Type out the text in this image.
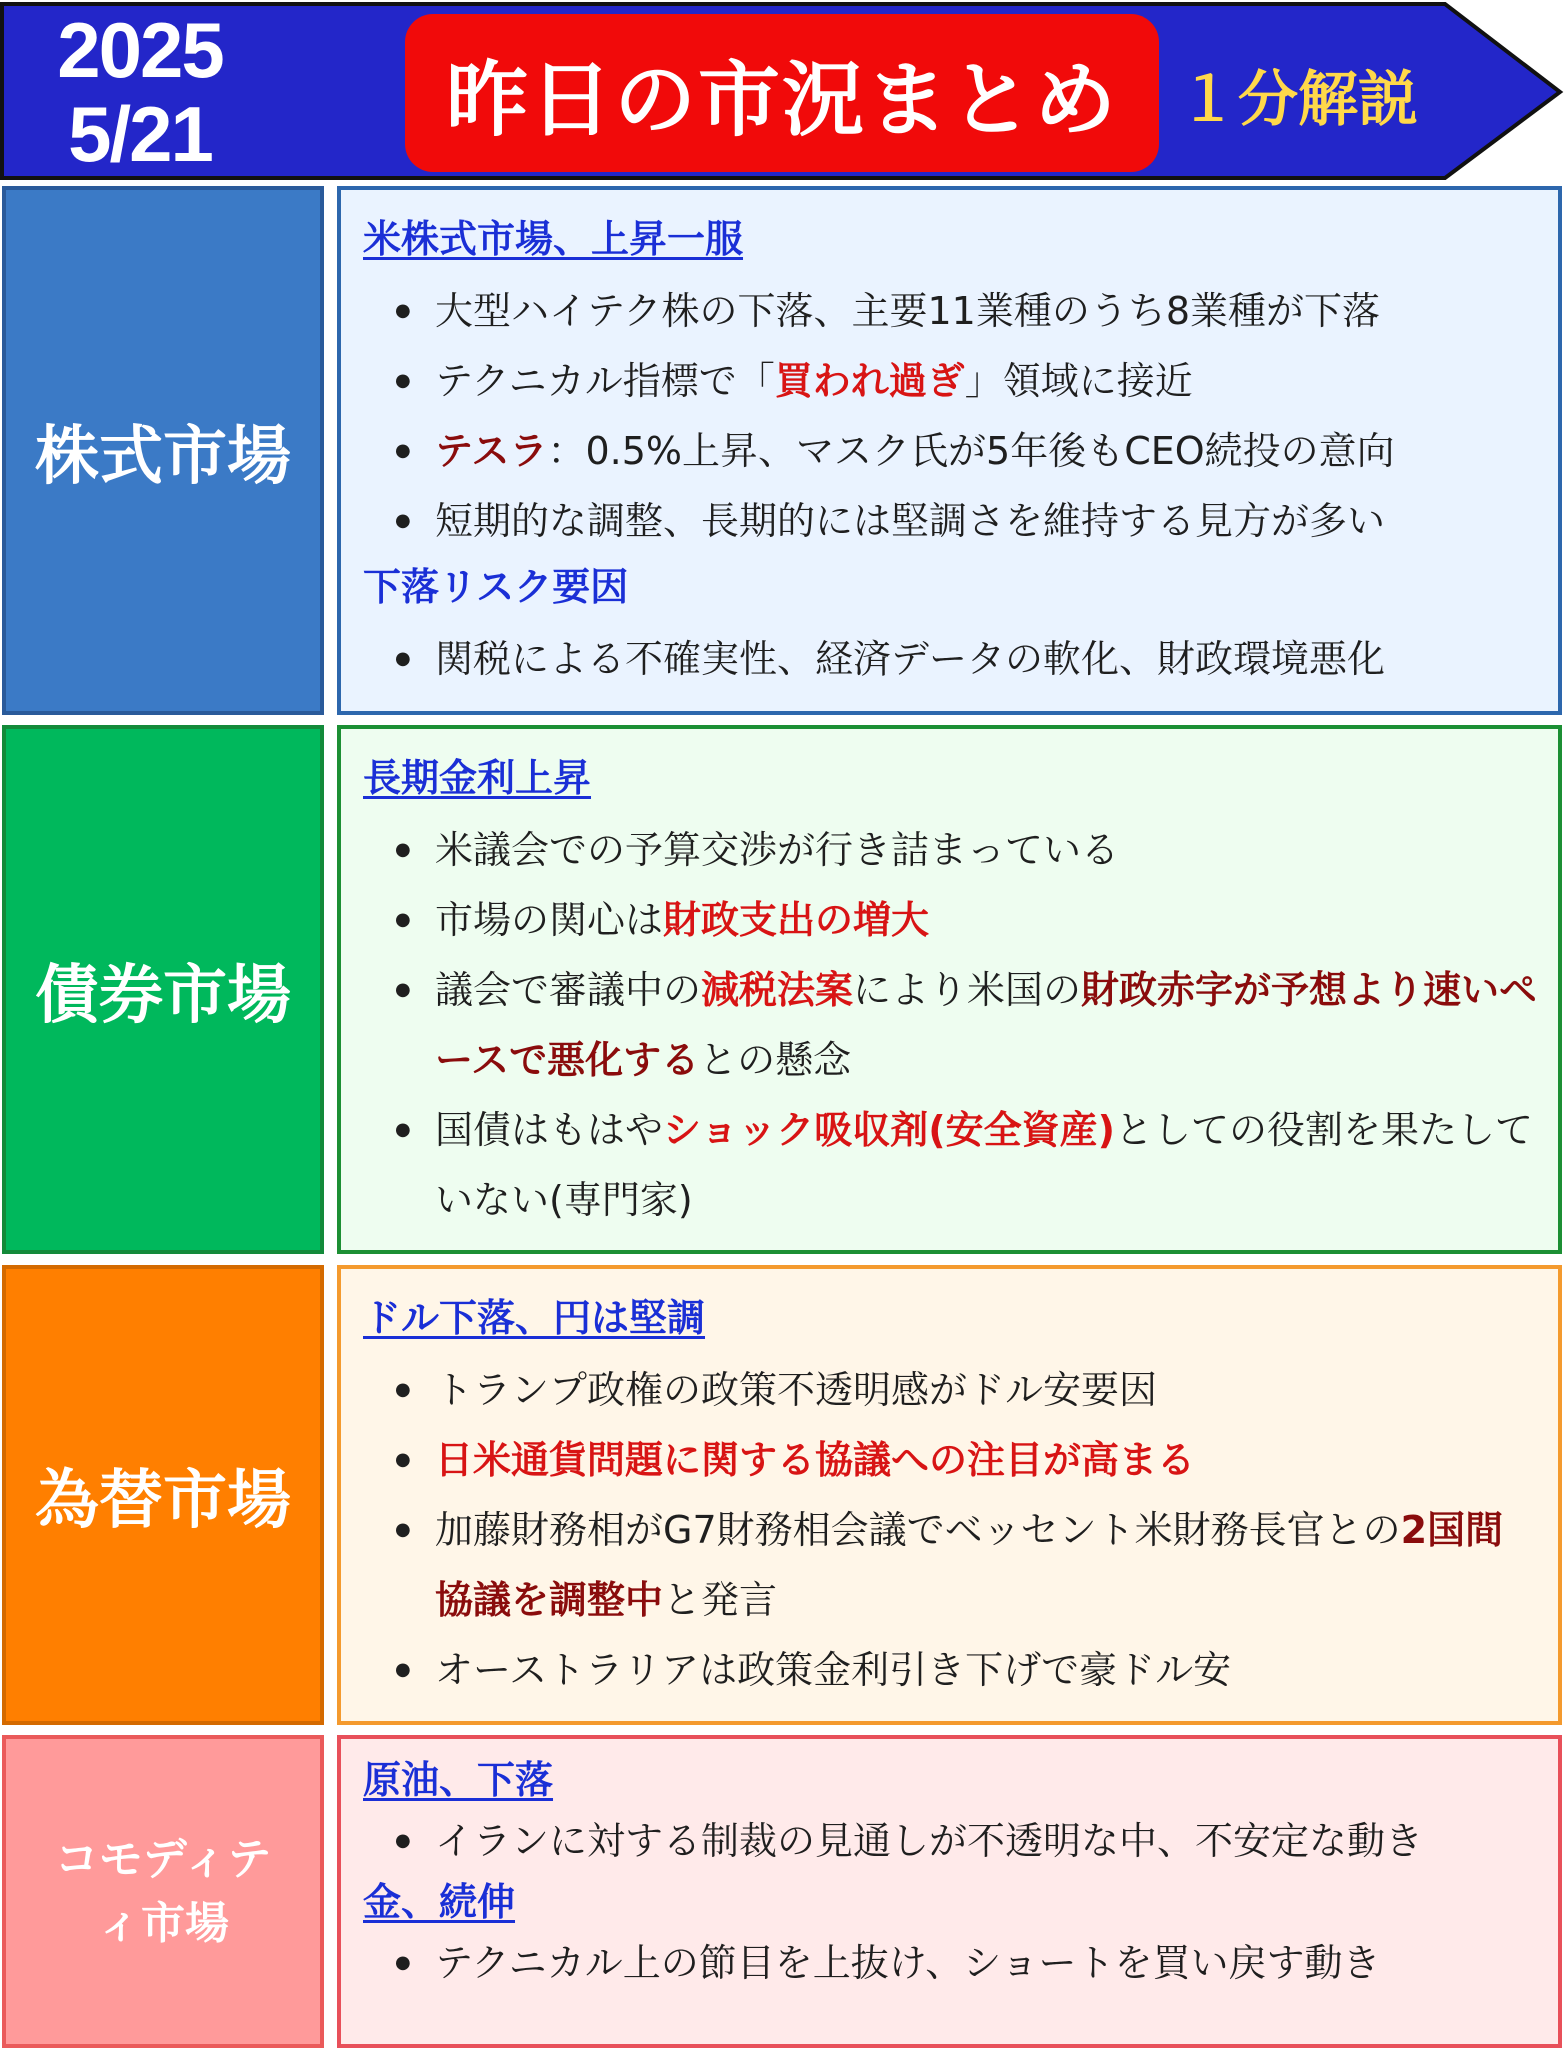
2025
5/21	昨日の市況まとめ １分解説
株式市場
米株式市場、上昇一服
● 大型ハイテク株の下落、主要11業種のうち8業種が下落
● テクニカル指標で「買われ過ぎ」領域に接近
● テスラ：0.5%上昇、マスク氏が5年後もCEO続投の意向
● 短期的な調整、長期的には堅調さを維持する見方が多い
下落リスク要因
● 関税による不確実性、経済データの軟化、財政環境悪化
債券市場
長期金利上昇
● 米議会での予算交渉が行き詰まっている
● 市場の関心は財政支出の増大
● 議会で審議中の減税法案により米国の財政赤字が予想より速いペースで悪化するとの懸念
● 国債はもはやショック吸収剤(安全資産)としての役割を果たしていない(専門家)
為替市場
ドル下落、円は堅調
● トランプ政権の政策不透明感がドル安要因
● 日米通貨問題に関する協議への注目が高まる
● 加藤財務相がG7財務相会議でベッセント米財務長官との2国間協議を調整中と発言
● オーストラリアは政策金利引き下げで豪ドル安
コモディテ
ィ市場
原油、下落
● イランに対する制裁の見通しが不透明な中、不安定な動き
金、続伸
● テクニカル上の節目を上抜け、ショートを買い戻す動き
